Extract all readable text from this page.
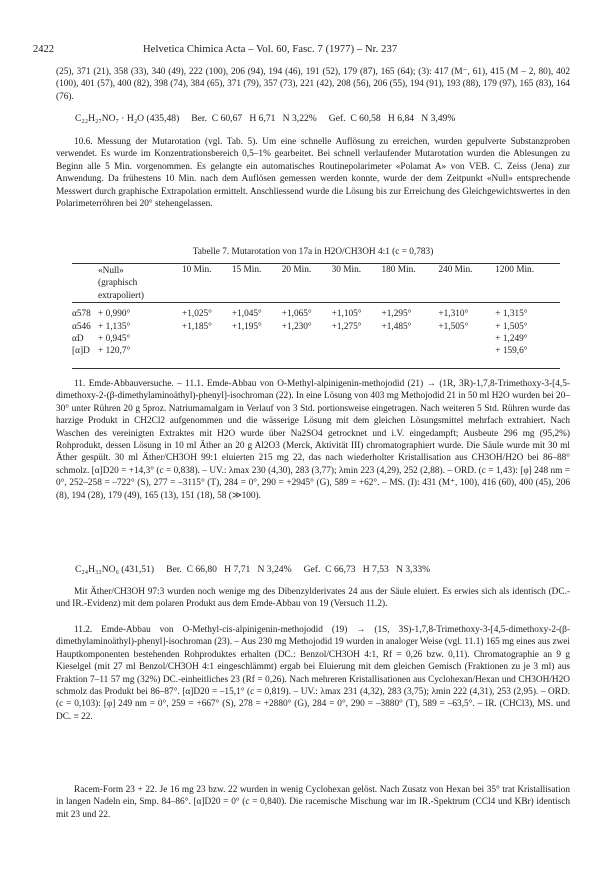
2422	Helvetica Chimica Acta – Vol. 60, Fasc. 7 (1977) – Nr. 237
(25), 371 (21), 358 (33), 340 (49), 222 (100), 206 (94), 194 (46), 191 (52), 179 (87), 165 (64); (3): 417 (M⁻, 61), 415 (M – 2, 80), 402 (100), 401 (57), 400 (82), 398 (74), 384 (65), 371 (79), 357 (73), 221 (42), 208 (56), 206 (55), 194 (91), 193 (88), 179 (97), 165 (83), 164 (76).
C₂₂H₂₇NO₇ · H₂O (435,48)     Ber.  C 60,67   H 6,71   N 3,22%     Gef.  C 60,58   H 6,84   N 3,49%

10.6. Messung der Mutarotation (vgl. Tab. 5). Um eine schnelle Auflösung zu erreichen, wurden gepulverte Substanzproben verwendet. Es wurde im Konzentrationsbereich 0,5–1% gearbeitet. Bei schnell verlaufender Mutarotation wurden die Ablesungen zu Beginn alle 5 Min. vorgenommen. Es gelangte ein automatisches Routinepolarimeter «Polamat A» von VEB. C. Zeiss (Jena) zur Anwendung. Da frühestens 10 Min. nach dem Auflösen gemessen werden konnte, wurde der dem Zeitpunkt «Null» entsprechende Messwert durch graphische Extrapolation ermittelt. Anschliessend wurde die Lösung bis zur Erreichung des Gleichgewichtswertes in den Polarimeterröhren bei 20° stehengelassen.

Tabelle 7. Mutarotation von 17a in H2O/CH3OH 4:1 (c = 0,783)

	«Null»
(graphisch
extrapoliert)	10 Min.	15 Min.	20 Min.	30 Min.	180 Min.	240 Min.	1200 Min.
α578	+ 0,990°	+1,025°	+1,045°	+1,065°	+1,105°	+1,295°	+1,310°	+ 1,315°
α546	+ 1,135°	+1,185°	+1,195°	+1,230°	+1,275°	+1,485°	+1,505°	+ 1,505°
αD	+ 0,945°							+ 1,249°
[α]D	+ 120,7°							+ 159,6°

11. Emde-Abbauversuche. – 11.1. Emde-Abbau von O-Methyl-alpinigenin-methojodid (21) → (1R, 3R)-1,7,8-Trimethoxy-3-[4,5-dimethoxy-2-(β-dimethylaminoäthyl)-phenyl]-isochroman (22). In eine Lösung von 403 mg Methojodid 21 in 50 ml H2O wurden bei 20–30° unter Rühren 20 g 5proz. Natriumamalgam in Verlauf von 3 Std. portionsweise eingetragen. Nach weiteren 5 Std. Rühren wurde das harzige Produkt in CH2Cl2 aufgenommen und die wässerige Lösung mit dem gleichen Lösungsmittel mehrfach extrahiert. Nach Waschen des vereinigten Extraktes mit H2O wurde über Na2SO4 getrocknet und i.V. eingedampft; Ausbeute 296 mg (95,2%) Rohprodukt, dessen Lösung in 10 ml Äther an 20 g Al2O3 (Merck, Aktivität III) chromatographiert wurde. Die Säule wurde mit 30 ml Äther gespült. 30 ml Äther/CH3OH 99:1 eluierten 215 mg 22, das nach wiederholter Kristallisation aus CH3OH/H2O bei 86–88° schmolz. [α]D20 = +14,3° (c = 0,838). – UV.: λmax 230 (4,30), 283 (3,77); λmin 223 (4,29), 252 (2,88). – ORD. (c = 1,43): [φ] 248 nm = 0°, 252–258 = –722° (S), 277 = –3115° (T), 284 = 0°, 290 = +2945° (G), 589 = +62°. – MS. (I): 431 (M⁺, 100), 416 (60), 400 (45), 206 (8), 194 (28), 179 (49), 165 (13), 151 (18), 58 (≫100).

C₂₄H₃₃NO₆ (431,51)     Ber.  C 66,80   H 7,71   N 3,24%     Gef.  C 66,73   H 7,53   N 3,33%

Mit Äther/CH3OH 97:3 wurden noch wenige mg des Dibenzylderivates 24 aus der Säule eluiert. Es erwies sich als identisch (DC.- und IR.-Evidenz) mit dem polaren Produkt aus dem Emde-Abbau von 19 (Versuch 11.2).

11.2. Emde-Abbau von O-Methyl-cis-alpinigenin-methojodid (19) → (1S, 3S)-1,7,8-Trimethoxy-3-[4,5-dimethoxy-2-(β-dimethylaminoäthyl)-phenyl]-isochroman (23). – Aus 230 mg Methojodid 19 wurden in analoger Weise (vgl. 11.1) 165 mg eines aus zwei Hauptkomponenten bestehenden Rohproduktes erhalten (DC.: Benzol/CH3OH 4:1, Rf = 0,26 bzw. 0,11). Chromatographie an 9 g Kieselgel (mit 27 ml Benzol/CH3OH 4:1 eingeschlämmt) ergab bei Eluierung mit dem gleichen Gemisch (Fraktionen zu je 3 ml) aus Fraktion 7–11 57 mg (32%) DC.-einheitliches 23 (Rf = 0,26). Nach mehreren Kristallisationen aus Cyclohexan/Hexan und CH3OH/H2O schmolz das Produkt bei 86–87°. [α]D20 = –15,1° (c = 0,819). – UV.: λmax 231 (4,32), 283 (3,75); λmin 222 (4,31), 253 (2,95). – ORD. (c = 0,103): [φ] 249 nm = 0°, 259 = +667° (S), 278 = +2880° (G), 284 = 0°, 290 = –3880° (T), 589 = –63,5°. – IR. (CHCl3), MS. und DC. ≡ 22.

Racem-Form 23 + 22. Je 16 mg 23 bzw. 22 wurden in wenig Cyclohexan gelöst. Nach Zusatz von Hexan bei 35° trat Kristallisation in langen Nadeln ein, Smp. 84–86°. [α]D20 = 0° (c = 0,840). Die racemische Mischung war im IR.-Spektrum (CCl4 und KBr) identisch mit 23 und 22.
